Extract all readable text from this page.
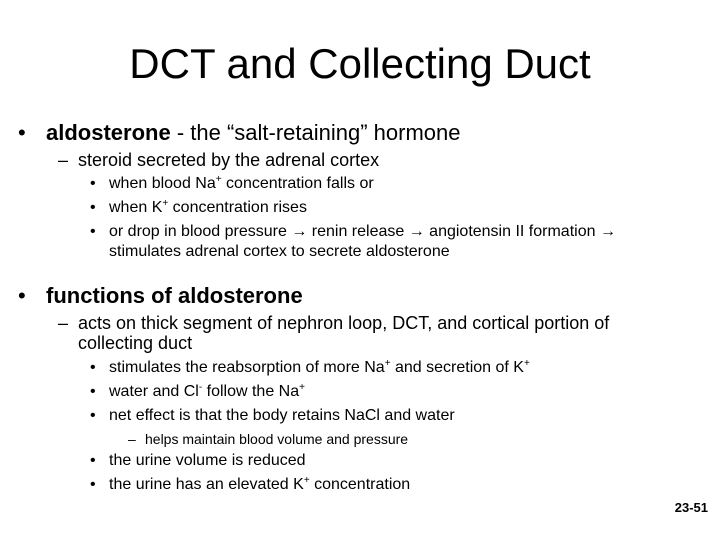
DCT and Collecting Duct
• aldosterone - the “salt-retaining” hormone
– steroid secreted by the adrenal cortex
• when blood Na+ concentration falls or
• when K+ concentration rises
• or drop in blood pressure → renin release → angiotensin II formation →
stimulates adrenal cortex to secrete aldosterone
• functions of aldosterone
– acts on thick segment of nephron loop, DCT, and cortical portion of
collecting duct
• stimulates the reabsorption of more Na+ and secretion of K+
• water and Cl- follow the Na+
• net effect is that the body retains NaCl and water
– helps maintain blood volume and pressure
• the urine volume is reduced
• the urine has an elevated K+ concentration
23-51
